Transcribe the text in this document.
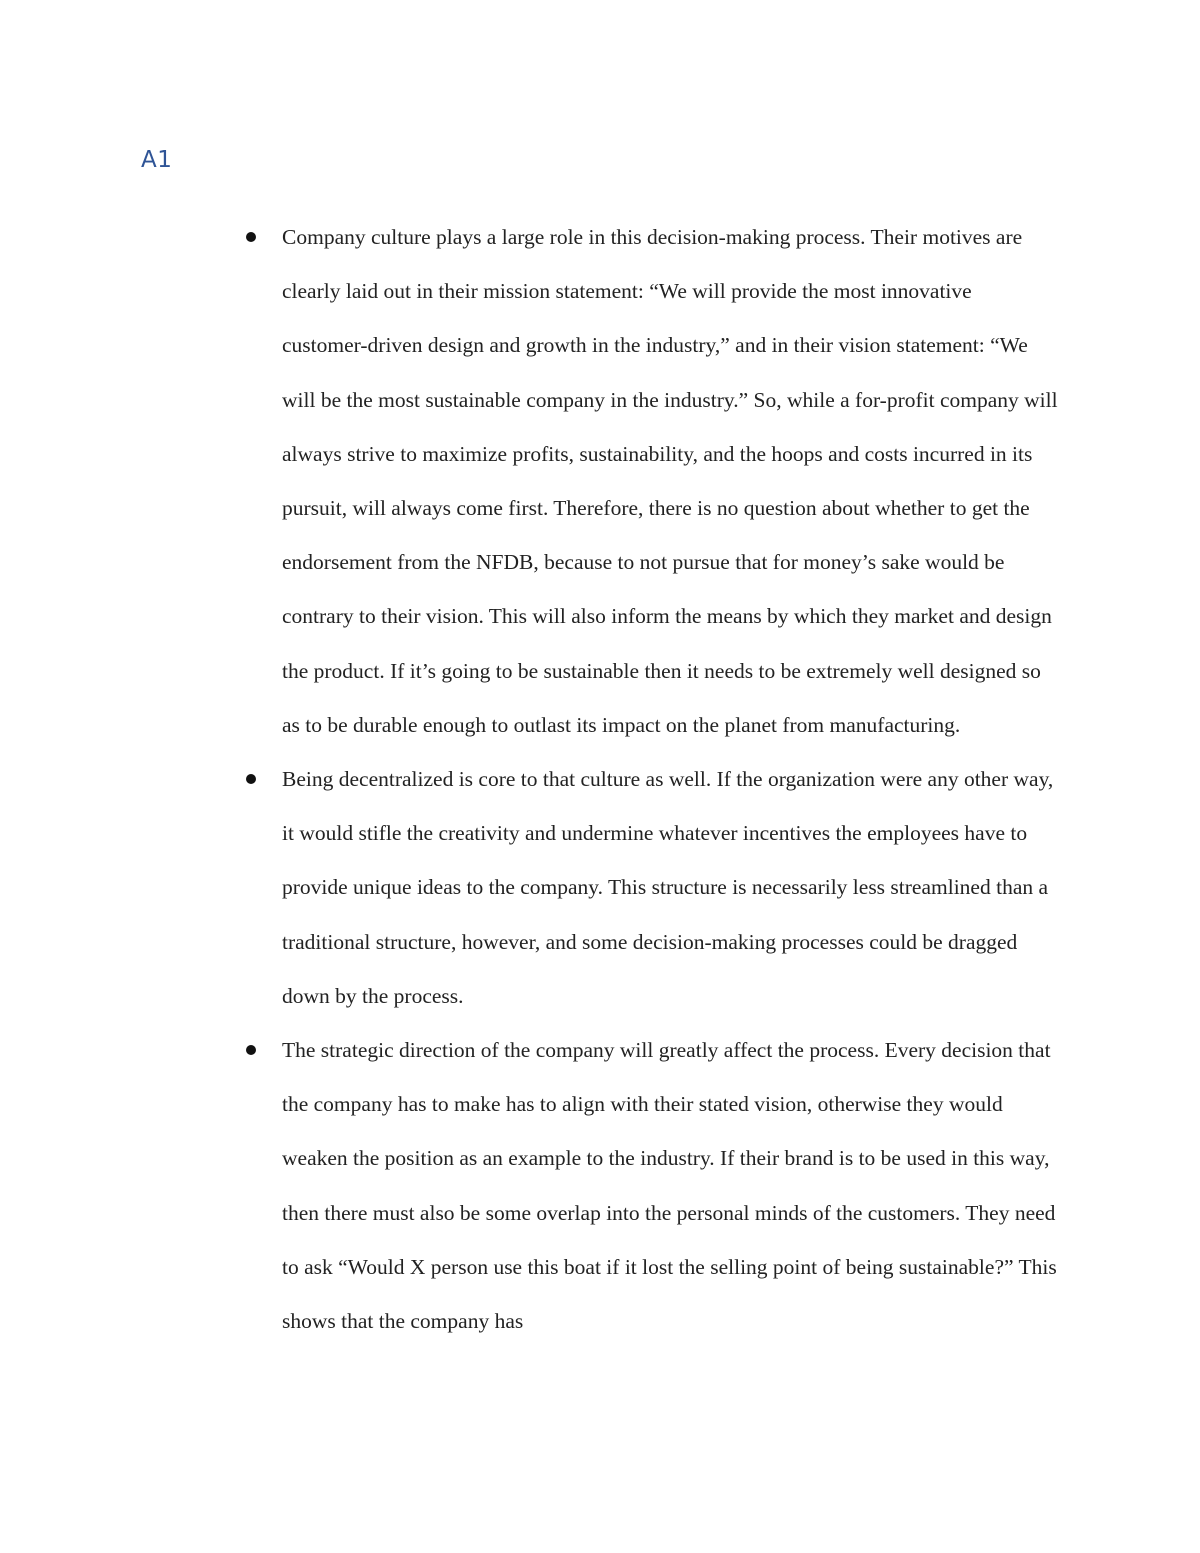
A1
Company culture plays a large role in this decision-making process. Their motives are clearly laid out in their mission statement: “We will provide the most innovative customer-driven design and growth in the industry,” and in their vision statement: “We will be the most sustainable company in the industry.” So, while a for-profit company will always strive to maximize profits, sustainability, and the hoops and costs incurred in its pursuit, will always come first. Therefore, there is no question about whether to get the endorsement from the NFDB, because to not pursue that for money’s sake would be contrary to their vision. This will also inform the means by which they market and design the product. If it’s going to be sustainable then it needs to be extremely well designed so as to be durable enough to outlast its impact on the planet from manufacturing.
Being decentralized is core to that culture as well. If the organization were any other way, it would stifle the creativity and undermine whatever incentives the employees have to provide unique ideas to the company. This structure is necessarily less streamlined than a traditional structure, however, and some decision-making processes could be dragged down by the process.
The strategic direction of the company will greatly affect the process. Every decision that the company has to make has to align with their stated vision, otherwise they would weaken the position as an example to the industry. If their brand is to be used in this way, then there must also be some overlap into the personal minds of the customers. They need to ask “Would X person use this boat if it lost the selling point of being sustainable?” This shows that the company has
